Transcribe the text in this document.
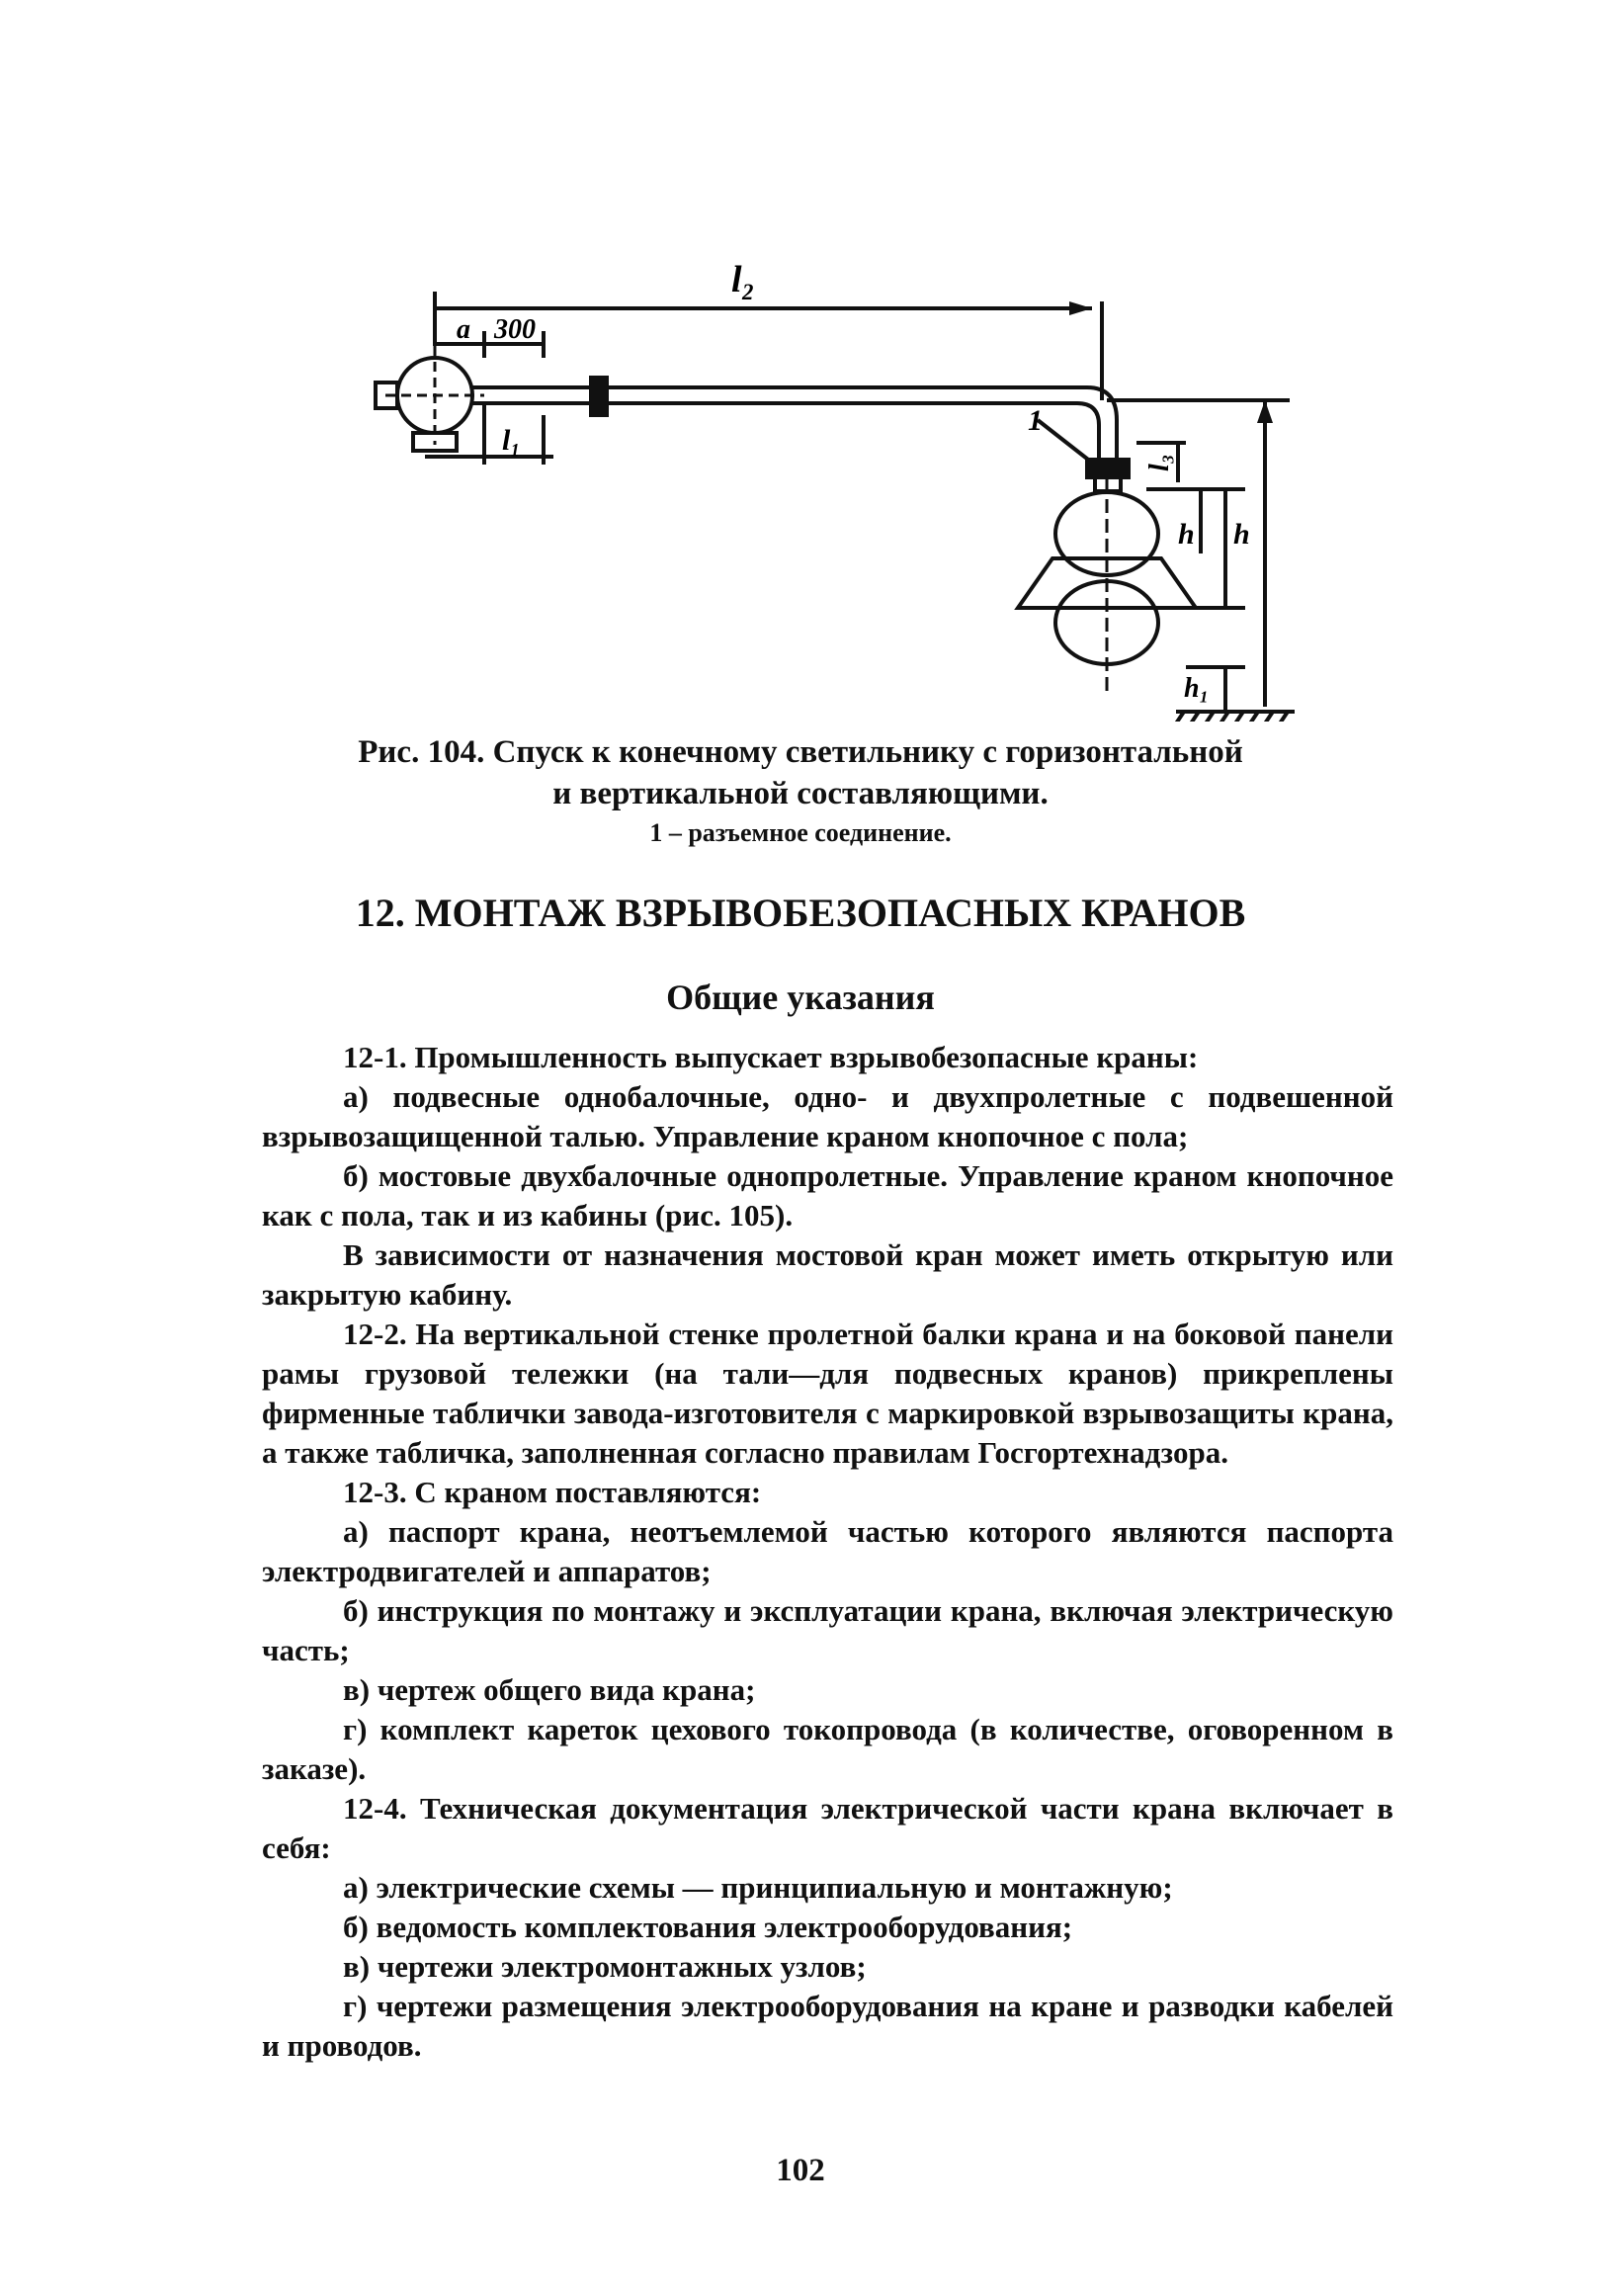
l₂
a 300
l₁
1
l₃
h h
h₁
Рис. 104. Спуск к конечному светильнику с горизонтальной
и вертикальной составляющими.
1 – разъемное соединение.
12. МОНТАЖ ВЗРЫВОБЕЗОПАСНЫХ КРАНОВ
Общие указания

12-1. Промышленность выпускает взрывобезопасные краны:

а) подвесные однобалочные, одно- и двухпролетные с подвешенной взрывозащищенной талью. Управление краном кнопочное с пола;

б) мостовые двухбалочные однопролетные. Управление краном кнопочное как с пола, так и из кабины (рис. 105).

В зависимости от назначения мостовой кран может иметь открытую или закрытую кабину.

12-2. На вертикальной стенке пролетной балки крана и на боковой панели рамы грузовой тележки (на тали—для подвесных кранов) прикреплены фирменные таблички завода-изготовителя с маркировкой взрывозащиты крана, а также табличка, заполненная согласно правилам Госгортехнадзора.

12-3. С краном поставляются:

а) паспорт крана, неотъемлемой частью которого являются паспорта электродвигателей и аппаратов;

б) инструкция по монтажу и эксплуатации крана, включая электрическую часть;

в) чертеж общего вида крана;

г) комплект кареток цехового токопровода (в количестве, оговоренном в заказе).

12-4. Техническая документация электрической части крана включает в себя:

а) электрические схемы — принципиальную и монтажную;

б) ведомость комплектования электрооборудования;

в) чертежи электромонтажных узлов;

г) чертежи размещения электрооборудования на кране и разводки кабелей и проводов.

102
